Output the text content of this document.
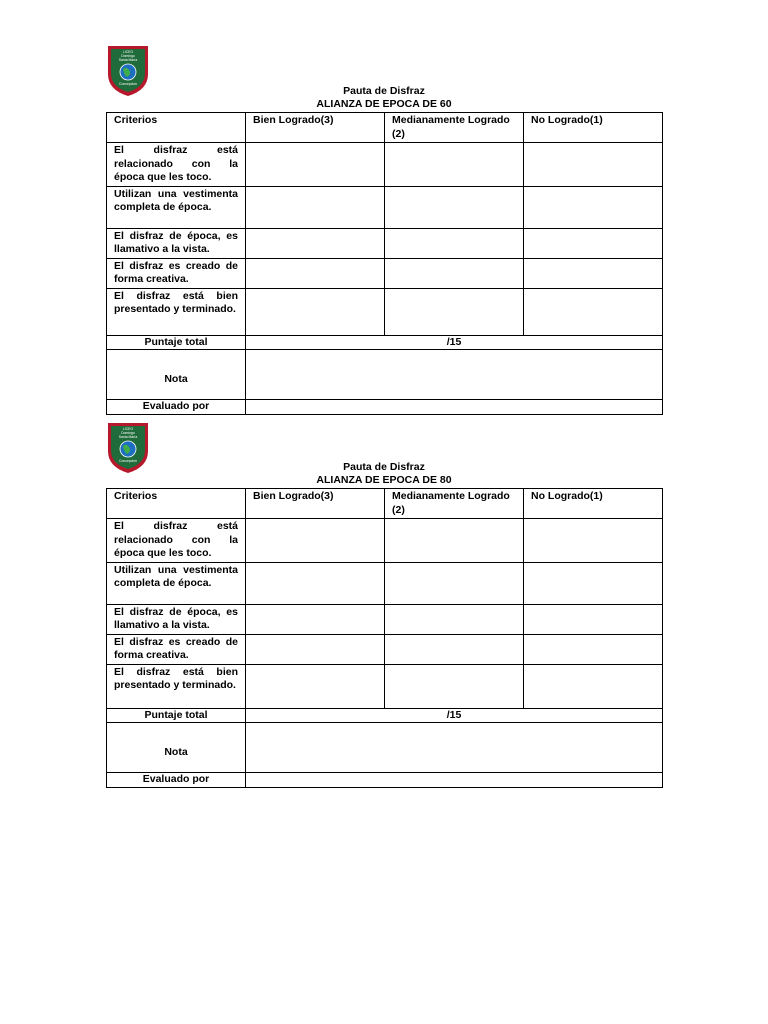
LICEO
Domingo
Santa María
Concepción
Pauta de Disfraz
ALIANZA DE EPOCA DE 60
Criterios	Bien Logrado(3)	Medianamente Logrado (2)	No Logrado(1)
El disfraz está relacionado con la época que les toco.			
Utilizan una vestimenta completa de época.			
El disfraz de época, es llamativo a la vista.			
El disfraz es creado de forma creativa.			
El disfraz está bien presentado y terminado.			
Puntaje total	/15		
Nota			
Evaluado por			
LICEO
Domingo
Santa María
Concepción	Pauta de Disfraz
ALIANZA DE EPOCA DE 80
Criterios	Bien Logrado(3)	Medianamente Logrado (2)	No Logrado(1)
El disfraz está relacionado con la época que les toco.			
Utilizan una vestimenta completa de época.			
El disfraz de época, es llamativo a la vista.			
El disfraz es creado de forma creativa.			
El disfraz está bien presentado y terminado.			
Puntaje total	/15		
Nota			
Evaluado por			
